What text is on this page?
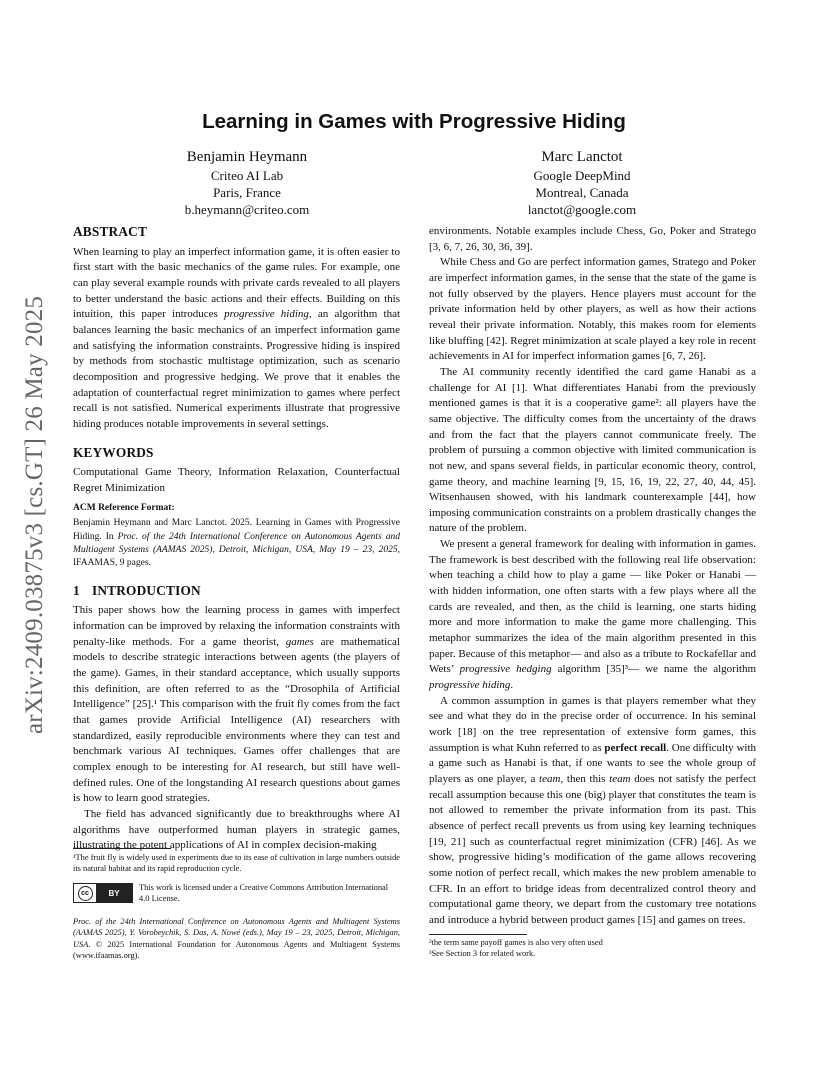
arXiv:2409.03875v3 [cs.GT] 26 May 2025
Learning in Games with Progressive Hiding
Benjamin Heymann
Criteo AI Lab
Paris, France
b.heymann@criteo.com
Marc Lanctot
Google DeepMind
Montreal, Canada
lanctot@google.com
ABSTRACT

When learning to play an imperfect information game, it is often easier to first start with the basic mechanics of the game rules. For example, one can play several example rounds with private cards revealed to all players to better understand the basic actions and their effects. Building on this intuition, this paper introduces progressive hiding, an algorithm that balances learning the basic mechanics of an imperfect information game and satisfying the information constraints. Progressive hiding is inspired by methods from stochastic multistage optimization, such as scenario decomposition and progressive hedging. We prove that it enables the adaptation of counterfactual regret minimization to games where perfect recall is not satisfied. Numerical experiments illustrate that progressive hiding produces notable improvements in several settings.

KEYWORDS

Computational Game Theory, Information Relaxation, Counterfactual Regret Minimization

ACM Reference Format:

Benjamin Heymann and Marc Lanctot. 2025. Learning in Games with Progressive Hiding. In Proc. of the 24th International Conference on Autonomous Agents and Multiagent Systems (AAMAS 2025), Detroit, Michigan, USA, May 19 – 23, 2025, IFAAMAS, 9 pages.

1 INTRODUCTION

This paper shows how the learning process in games with imperfect information can be improved by relaxing the information constraints with penalty-like methods. For a game theorist, games are mathematical models to describe strategic interactions between agents (the players of the game). Games, in their standard acceptance, which usually supports this definition, are often referred to as the “Drosophila of Artificial Intelligence” [25].¹ This comparison with the fruit fly comes from the fact that games provide Artificial Intelligence (AI) researchers with standardized, easily reproducible environments where they can test and benchmark various AI techniques. Games offer challenges that are complex enough to be interesting for AI research, but still have well-defined rules. One of the longstanding AI research questions about games is how to learn good strategies.

The field has advanced significantly due to breakthroughs where AI algorithms have outperformed human players in strategic games, illustrating the potent applications of AI in complex decision-making

¹The fruit fly is widely used in experiments due to its ease of cultivation in large numbers outside its natural habitat and its rapid reproduction cycle.
cc	BY
This work is licensed under a Creative Commons Attribution International 4.0 License.
Proc. of the 24th International Conference on Autonomous Agents and Multiagent Systems (AAMAS 2025), Y. Vorobeychik, S. Das, A. Nowé (eds.), May 19 – 23, 2025, Detroit, Michigan, USA. © 2025 International Foundation for Autonomous Agents and Multiagent Systems (www.ifaamas.org).

environments. Notable examples include Chess, Go, Poker and Stratego [3, 6, 7, 26, 30, 36, 39].

While Chess and Go are perfect information games, Stratego and Poker are imperfect information games, in the sense that the state of the game is not fully observed by the players. Hence players must account for the private information held by other players, as well as how their actions reveal their private information. Notably, this makes room for elements like bluffing [42]. Regret minimization at scale played a key role in recent achievements in AI for imperfect information games [6, 7, 26].

The AI community recently identified the card game Hanabi as a challenge for AI [1]. What differentiates Hanabi from the previously mentioned games is that it is a cooperative game²: all players have the same objective. The difficulty comes from the uncertainty of the draws and from the fact that the players cannot communicate freely. The problem of pursuing a common objective with limited communication is not new, and spans several fields, in particular economic theory, control, game theory, and machine learning [9, 15, 16, 19, 22, 27, 40, 44, 45]. Witsenhausen showed, with his landmark counterexample [44], how imposing communication constraints on a problem drastically changes the nature of the problem.

We present a general framework for dealing with information in games. The framework is best described with the following real life observation: when teaching a child how to play a game — like Poker or Hanabi — with hidden information, one often starts with a few plays where all the cards are revealed, and then, as the child is learning, one starts hiding more and more information to make the game more challenging. This metaphor summarizes the idea of the main algorithm presented in this paper. Because of this metaphor— and also as a tribute to Rockafellar and Wets’ progressive hedging algorithm [35]³— we name the algorithm progressive hiding.

A common assumption in games is that players remember what they see and what they do in the precise order of occurrence. In his seminal work [18] on the tree representation of extensive form games, this assumption is what Kuhn referred to as perfect recall. One difficulty with a game such as Hanabi is that, if one wants to see the whole group of players as one player, a team, then this team does not satisfy the perfect recall assumption because this one (big) player that constitutes the team is not allowed to remember the private information from its past. This absence of perfect recall prevents us from using key learning techniques [19, 21] such as counterfactual regret minimization (CFR) [46]. As we show, progressive hiding’s modification of the game allows recovering some notion of perfect recall, which makes the new problem amenable to CFR. In an effort to bridge ideas from decentralized control theory and computational game theory, we depart from the customary tree notations and introduce a hybrid between product games [15] and games on trees.

²the term same payoff games is also very often used
³See Section 3 for related work.
